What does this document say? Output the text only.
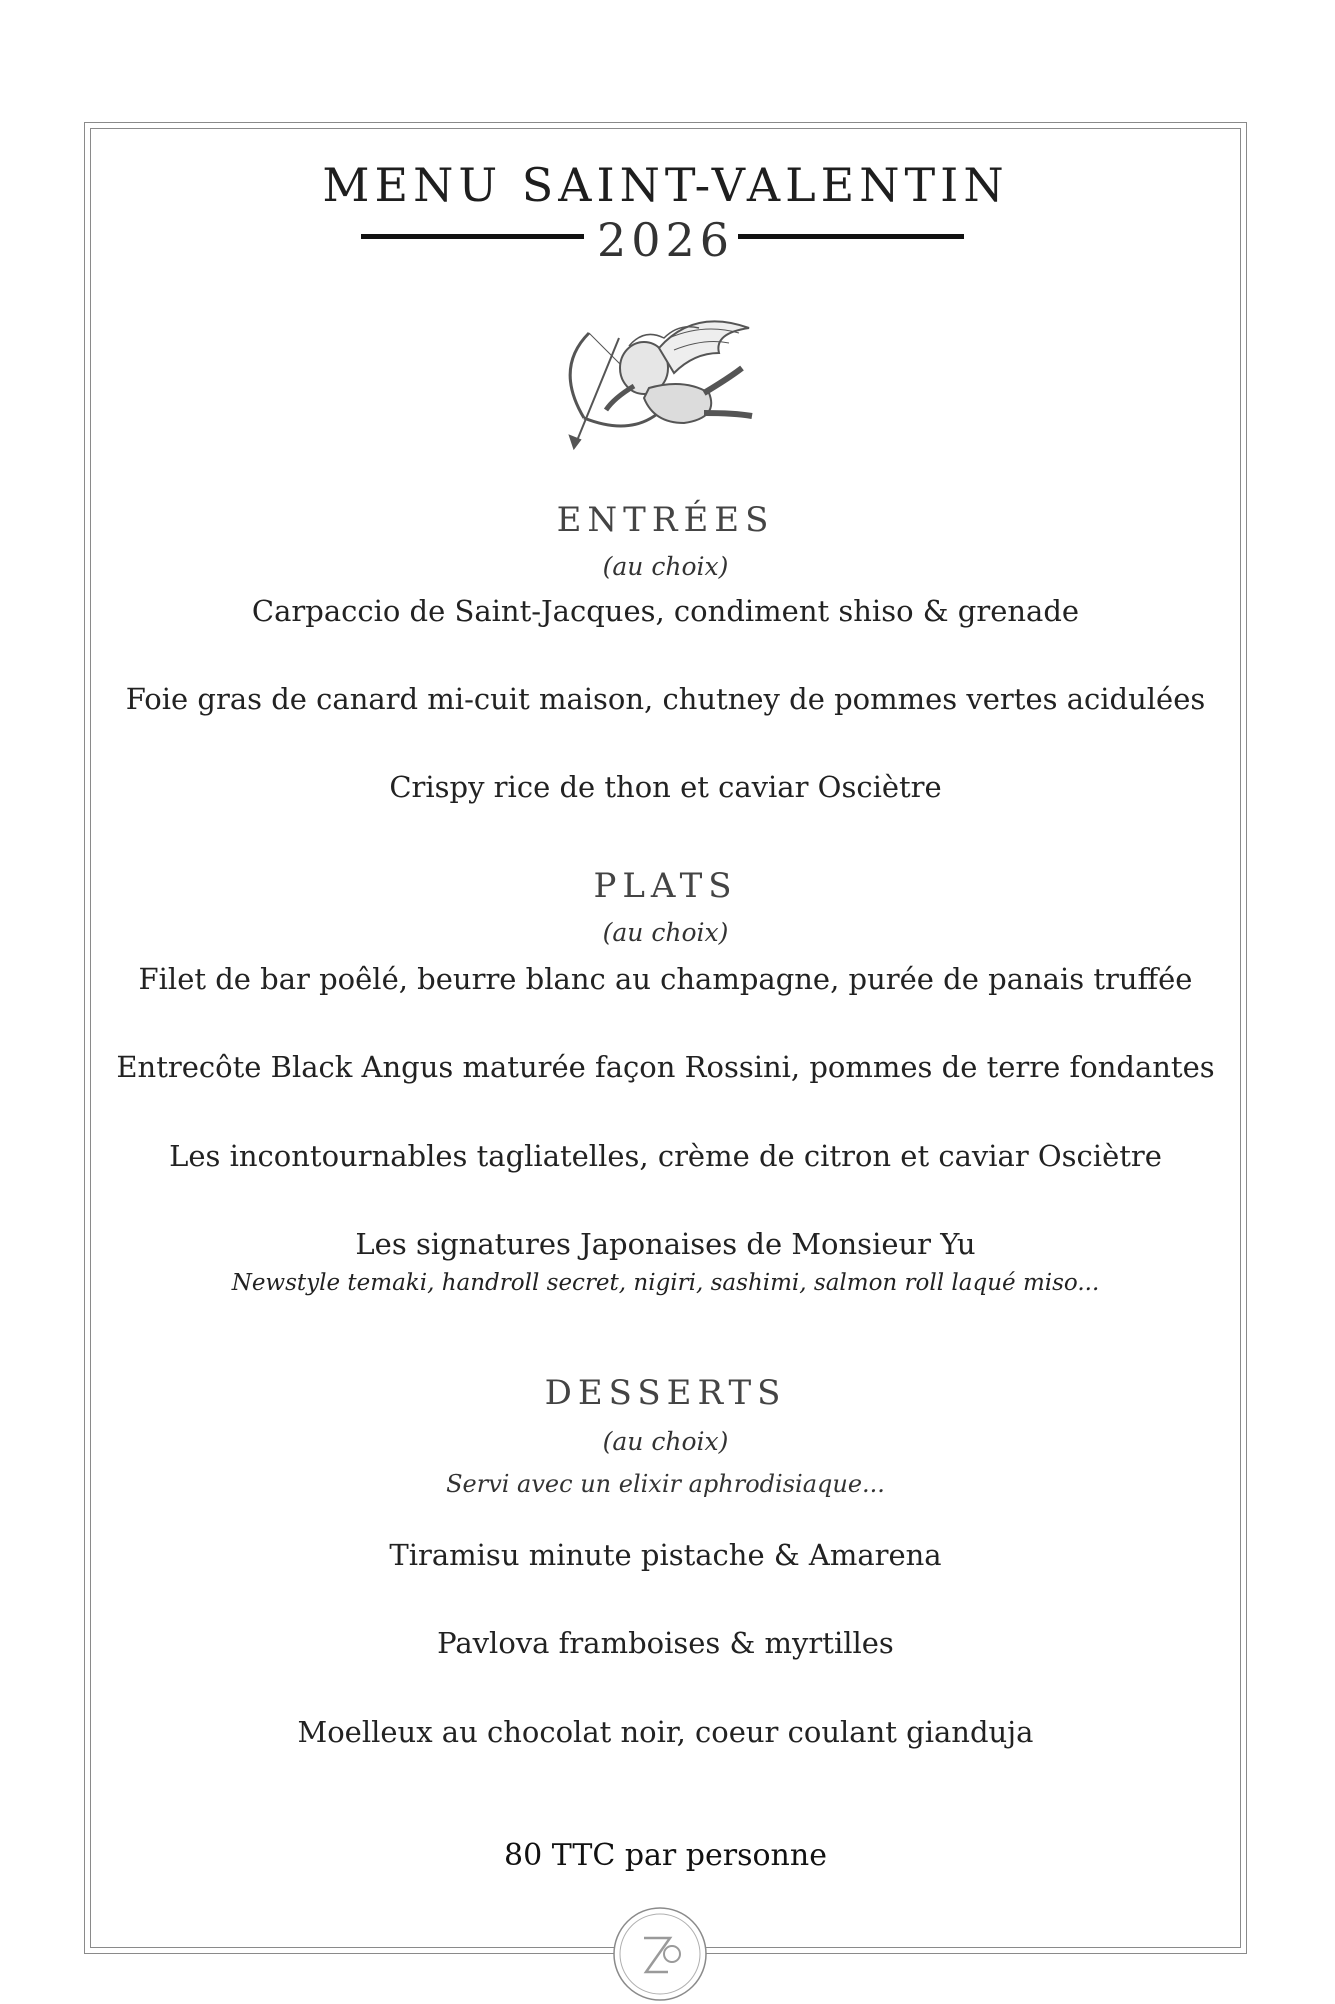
MENU SAINT-VALENTIN
2026
ENTRÉES
(au choix)
Carpaccio de Saint-Jacques, condiment shiso & grenade
Foie gras de canard mi-cuit maison, chutney de pommes vertes acidulées
Crispy rice de thon et caviar Osciètre
PLATS
(au choix)
Filet de bar poêlé, beurre blanc au champagne, purée de panais truffée
Entrecôte Black Angus maturée façon Rossini, pommes de terre fondantes
Les incontournables tagliatelles, crème de citron et caviar Osciètre
Les signatures Japonaises de Monsieur Yu
Newstyle temaki, handroll secret, nigiri, sashimi, salmon roll laqué miso...
DESSERTS
(au choix)
Servi avec un elixir aphrodisiaque...
Tiramisu minute pistache & Amarena
Pavlova framboises & myrtilles
Moelleux au chocolat noir, coeur coulant gianduja
80 TTC par personne
